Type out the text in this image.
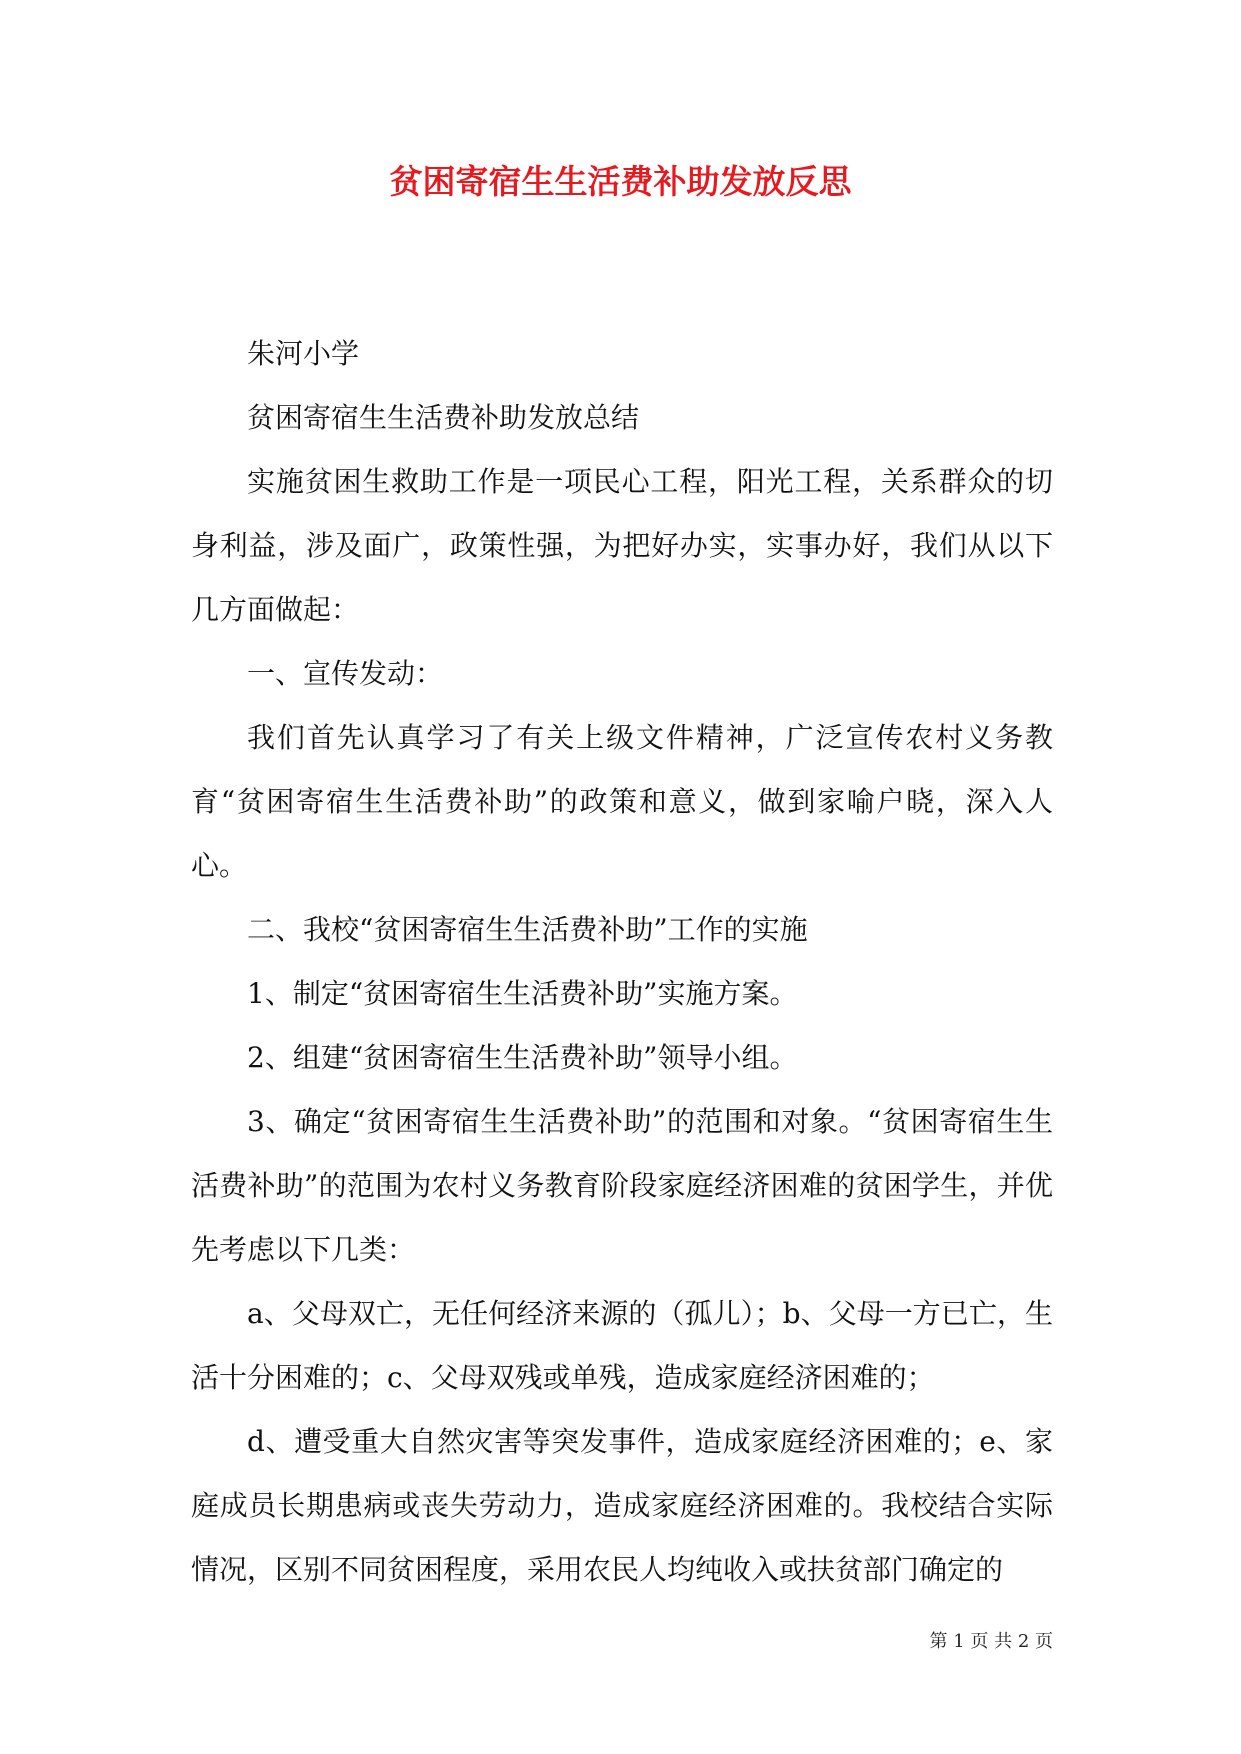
贫困寄宿生生活费补助发放反思

朱河小学

贫困寄宿生生活费补助发放总结

实施贫困生救助工作是一项民心工程，阳光工程，关系群众的切身利益，涉及面广，政策性强，为把好办实，实事办好，我们从以下几方面做起：

一、宣传发动：

我们首先认真学习了有关上级文件精神，广泛宣传农村义务教育“贫困寄宿生生活费补助”的政策和意义，做到家喻户晓，深入人心。

二、我校“贫困寄宿生生活费补助”工作的实施

1、制定“贫困寄宿生生活费补助”实施方案。

2、组建“贫困寄宿生生活费补助”领导小组。

3、确定“贫困寄宿生生活费补助”的范围和对象。“贫困寄宿生生活费补助”的范围为农村义务教育阶段家庭经济困难的贫困学生，并优先考虑以下几类：

a、父母双亡，无任何经济来源的（孤儿）；b、父母一方已亡，生活十分困难的；c、父母双残或单残，造成家庭经济困难的；

d、遭受重大自然灾害等突发事件，造成家庭经济困难的；e、家庭成员长期患病或丧失劳动力，造成家庭经济困难的。我校结合实际情况，区别不同贫困程度，采用农民人均纯收入或扶贫部门确定的

第 1 页 共 2 页
